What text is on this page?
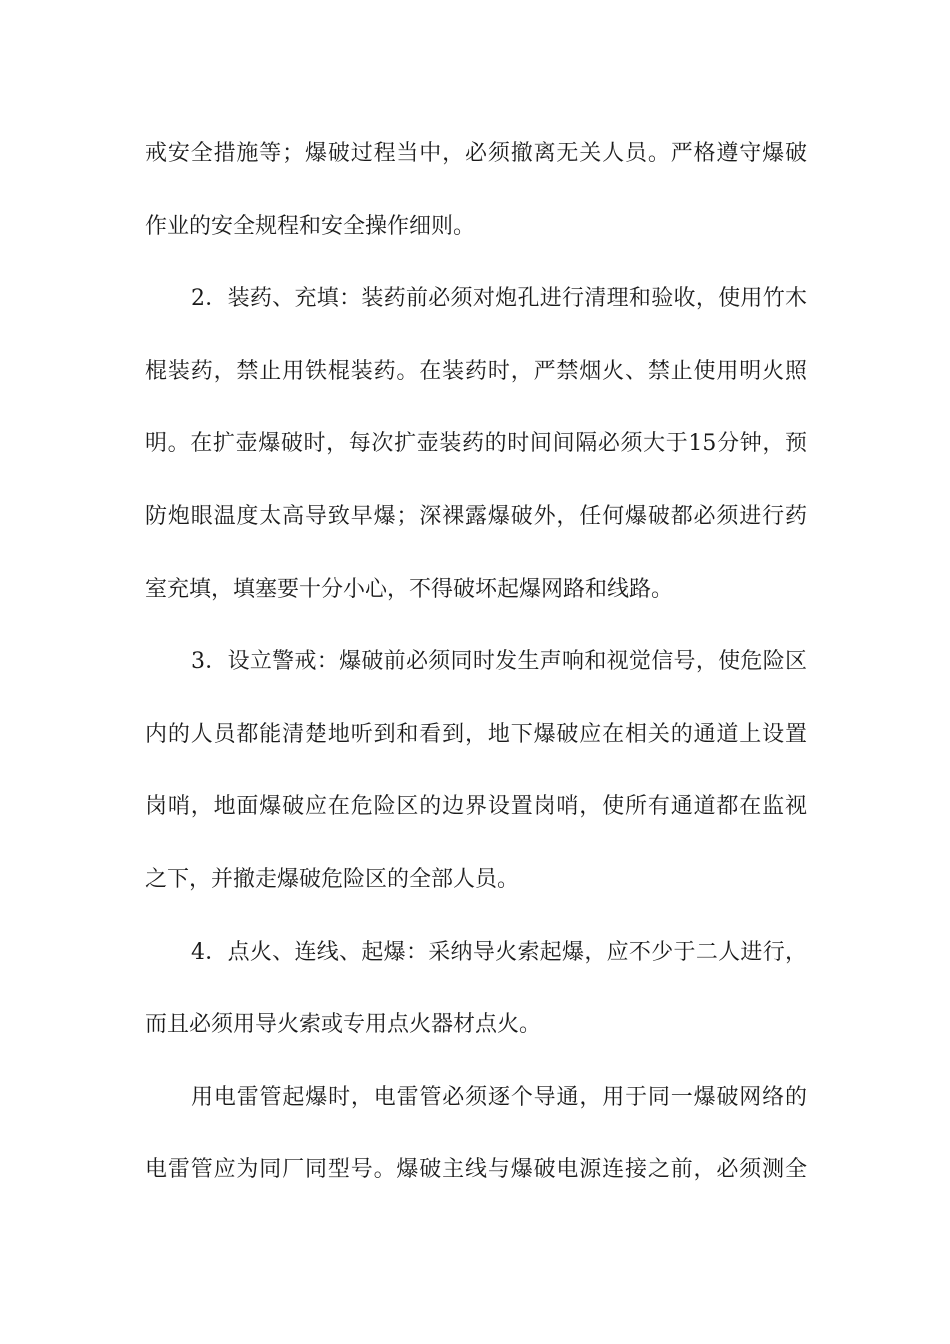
戒安全措施等；爆破过程当中，必须撤离无关人员。严格遵守爆破
作业的安全规程和安全操作细则。
2．装药、充填：装药前必须对炮孔进行清理和验收，使用竹木
棍装药，禁止用铁棍装药。在装药时，严禁烟火、禁止使用明火照
明。在扩壶爆破时，每次扩壶装药的时间间隔必须大于15分钟，预
防炮眼温度太高导致早爆；深裸露爆破外，任何爆破都必须进行药
室充填，填塞要十分小心，不得破坏起爆网路和线路。
3．设立警戒：爆破前必须同时发生声响和视觉信号，使危险区
内的人员都能清楚地听到和看到，地下爆破应在相关的通道上设置
岗哨，地面爆破应在危险区的边界设置岗哨，使所有通道都在监视
之下，并撤走爆破危险区的全部人员。
4．点火、连线、起爆：采纳导火索起爆，应不少于二人进行，
而且必须用导火索或专用点火器材点火。
用电雷管起爆时，电雷管必须逐个导通，用于同一爆破网络的
电雷管应为同厂同型号。爆破主线与爆破电源连接之前，必须测全
